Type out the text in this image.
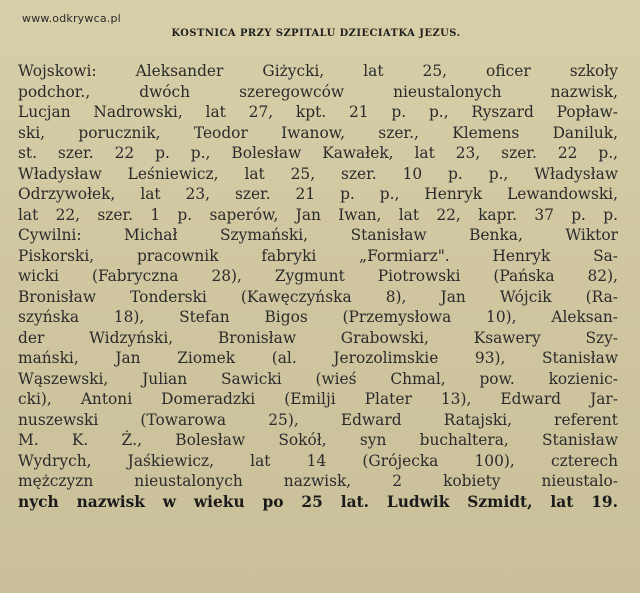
www.odkrywca.pl
KOSTNICA PRZY SZPITALU DZIECIATKA JEZUS.
Wojskowi: Aleksander Giżycki, lat 25, oficer szkoły
podchor., dwóch szeregowców nieustalonych nazwisk,
Lucjan Nadrowski, lat 27, kpt. 21 p. p., Ryszard Popław-
ski, porucznik, Teodor Iwanow, szer., Klemens Daniluk,
st. szer. 22 p. p., Bolesław Kawałek, lat 23, szer. 22 p.,
Władysław Leśniewicz, lat 25, szer. 10 p. p., Władysław
Odrzywołek, lat 23, szer. 21 p. p., Henryk Lewandowski,
lat 22, szer. 1 p. saperów, Jan Iwan, lat 22, kapr. 37 p. p.
Cywilni: Michał Szymański, Stanisław Benka, Wiktor
Piskorski, pracownik fabryki „Formiarz". Henryk Sa-
wicki (Fabryczna 28), Zygmunt Piotrowski (Pańska 82),
Bronisław Tonderski (Kawęczyńska 8), Jan Wójcik (Ra-
szyńska 18), Stefan Bigos (Przemysłowa 10), Aleksan-
der Widzyński, Bronisław Grabowski, Ksawery Szy-
mański, Jan Ziomek (al. Jerozolimskie 93), Stanisław
Wąszewski, Julian Sawicki (wieś Chmal, pow. kozienic-
cki), Antoni Domeradzki (Emilji Plater 13), Edward Jar-
nuszewski (Towarowa 25), Edward Ratajski, referent
M. K. Ż., Bolesław Sokół, syn buchaltera, Stanisław
Wydrych, Jaśkiewicz, lat 14 (Grójecka 100), czterech
mężczyzn nieustalonych nazwisk, 2 kobiety nieustalo-
nych nazwisk w wieku po 25 lat. Ludwik Szmidt, lat 19.
